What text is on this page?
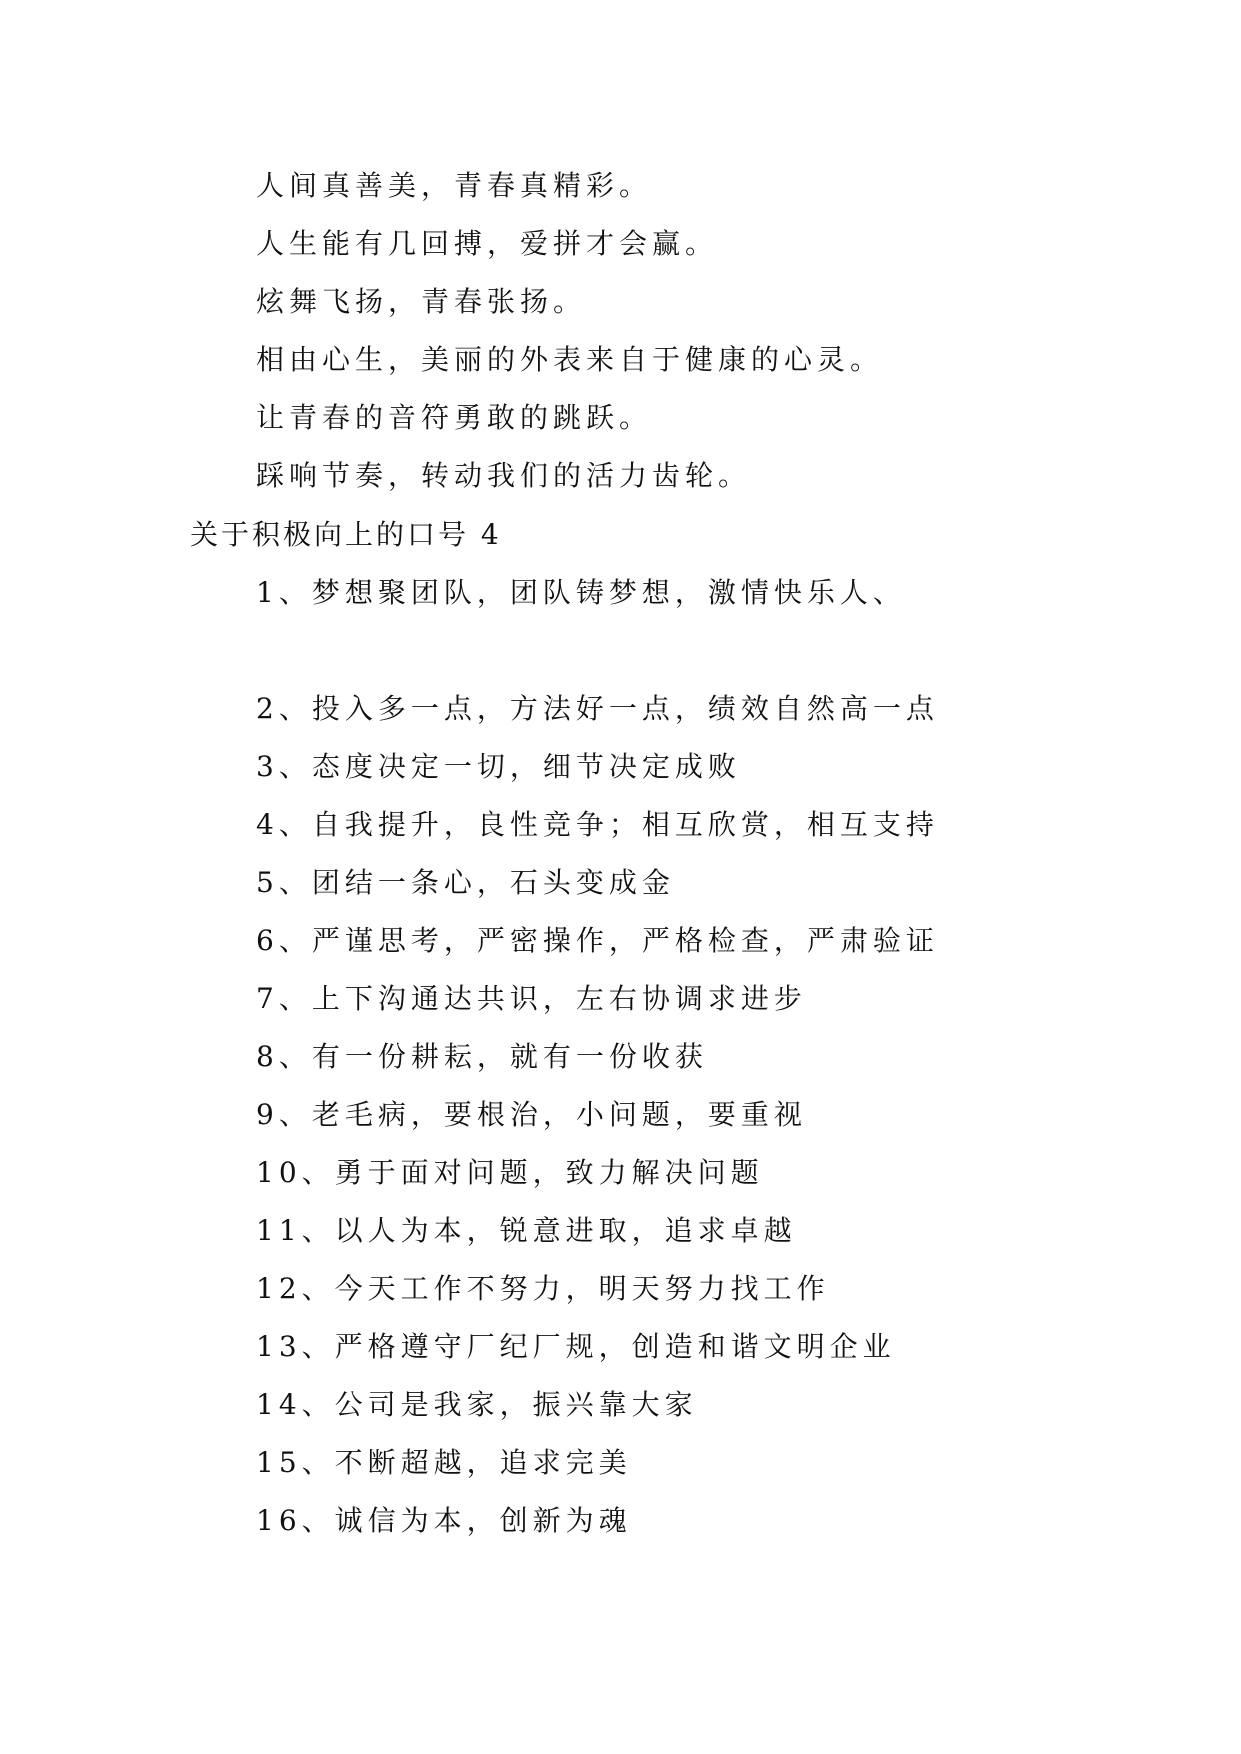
人间真善美，青春真精彩。
人生能有几回搏，爱拼才会赢。
炫舞飞扬，青春张扬。
相由心生，美丽的外表来自于健康的心灵。
让青春的音符勇敢的跳跃。
踩响节奏，转动我们的活力齿轮。
关于积极向上的口号 4
1、梦想聚团队，团队铸梦想，激情快乐人、
2、投入多一点，方法好一点，绩效自然高一点
3、态度决定一切，细节决定成败
4、自我提升，良性竞争；相互欣赏，相互支持
5、团结一条心，石头变成金
6、严谨思考，严密操作，严格检查，严肃验证
7、上下沟通达共识，左右协调求进步
8、有一份耕耘，就有一份收获
9、老毛病，要根治，小问题，要重视
10、勇于面对问题，致力解决问题
11、以人为本，锐意进取，追求卓越
12、今天工作不努力，明天努力找工作
13、严格遵守厂纪厂规，创造和谐文明企业
14、公司是我家，振兴靠大家
15、不断超越，追求完美
16、诚信为本，创新为魂
